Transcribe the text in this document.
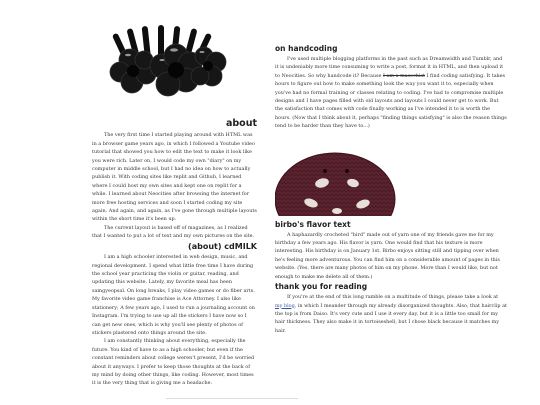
about

The very first time I started playing around with HTML was in a browser game years ago, in which I followed a Youtube video tutorial that showed you how to edit the text to make it look like you were rich. Later on, I would code my own "diary" on my computer in middle school, but I had no idea on how to actually publish it. With coding sites like replit and Github, I learned where I could host my own sites and kept one on replit for a while. I learned about Neocities after browsing the internet for more free hosting services and soon I started coding my site again. And again, and again, as I've gone through multiple layouts within the short time it's been up.

The current layout is based off of magazines, as I realized that I wanted to put a lot of text and my own pictures on the site.

(about) cdMILK

I am a high schooler interested in web design, music, and regional development. I spend what little free time I have during the school year practicing the violin or guitar, reading, and updating this website. Lately, my favorite meal has been samgyeopsal. On long breaks, I play video games or do fiber arts. My favorite video game franchise is Ace Attorney. I also like stationery; A few years ago, I used to run a journaling account on Instagram. I'm trying to use up all the stickers I have now so I can get new ones, which is why you'll see plenty of photos of stickers plastered onto things around the site.

I am constantly thinking about everything, especially the future. You kind of have to as a high schooler, but even if the constant reminders about college weren't present, I'd be worried about it anyways. I prefer to keep those thoughts at the back of my mind by doing other things, like coding. However, most times it is the very thing that is giving me a headache.

on handcoding

I've used multiple blogging platforms in the past such as Dreamwidth and Tumblr, and it is undeniably more time consuming to write a post, format it in HTML, and then upload it to Neocities. So why handcode it? Because I am a masochist I find coding satisfying. It takes hours to figure out how to make something look the way you want it to, especially when you've had no formal training or classes relating to coding. I've had to compromise multiple designs and I have pages filled with old layouts and layouts I could never get to work. But the satisfaction that comes with code finally working as I've intended it to is worth the hours. (Now that I think about it, perhaps "finding things satisfying" is also the reason things tend to be harder than they have to...)

birbo's flavor text

A haphazardly crocheted "bird" made out of yarn one of my friends gave me for my birthday a few years ago. His flavor is yarn. One would find that his texture is more interesting. His birthday is on January 1st. Birbo enjoys sitting still and tipping over when he's feeling more adventurous. You can find him on a considerable amount of pages in this website. (Yes, there are many photos of him on my phone. More than I would like, but not enough to make me delete all of them.)

thank you for reading

If you're at the end of this long ramble on a multitude of things, please take a look at my blog, in which I meander through my already disorganized thoughts. Also, that hairclip at the top is from Daiso. It's very cute and I use it every day, but it is a little too small for my hair thickness. They also make it in tortoiseshell, but I chose black because it matches my hair.
